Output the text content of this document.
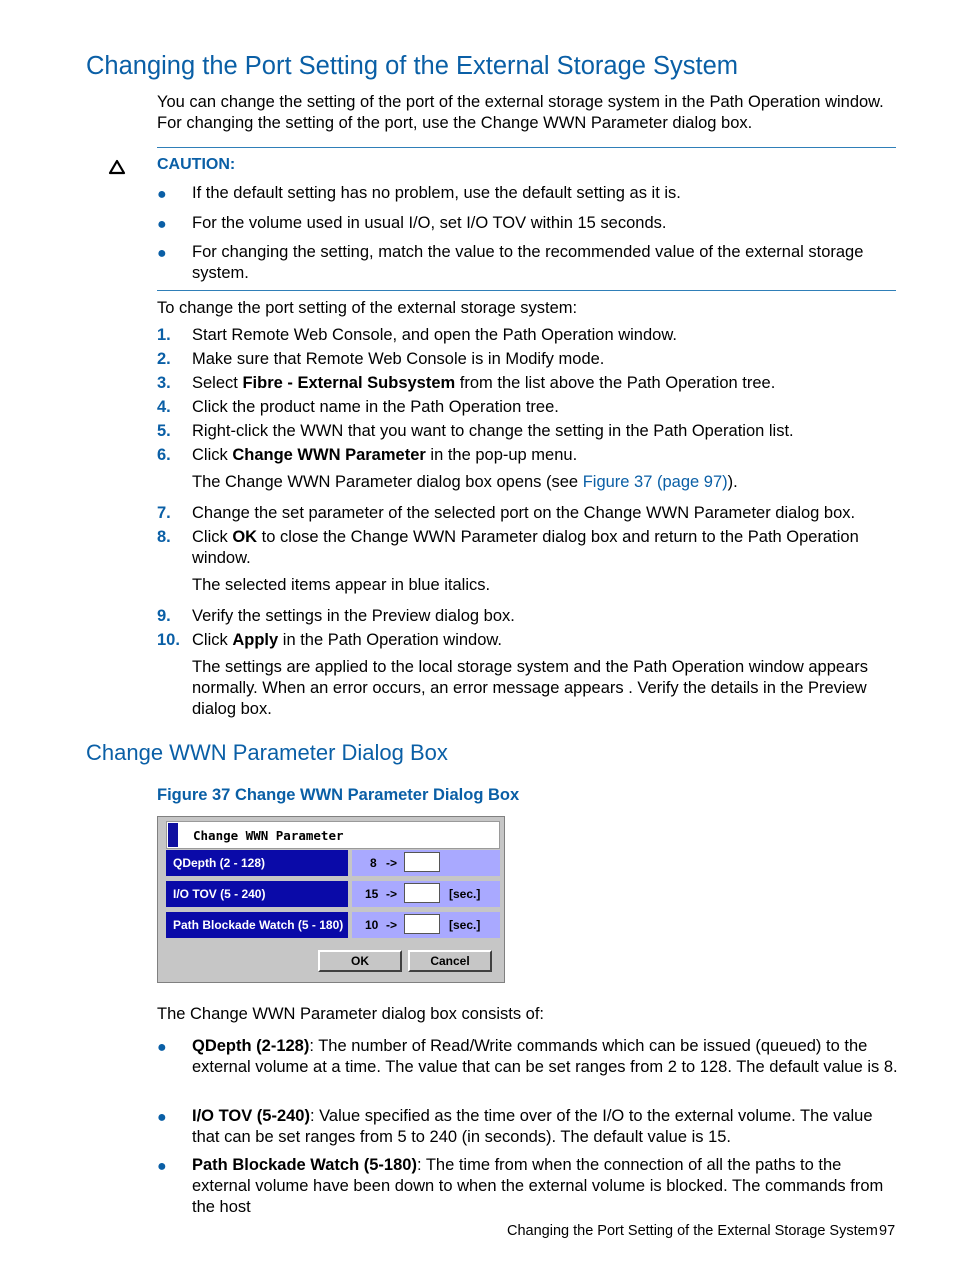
Changing the Port Setting of the External Storage System

You can change the setting of the port of the external storage system in the Path Operation window.
For changing the setting of the port, use the Change WWN Parameter dialog box.

CAUTION:

● If the default setting has no problem, use the default setting as it is.

● For the volume used in usual I/O, set I/O TOV within 15 seconds.

● For changing the setting, match the value to the recommended value of the external storage system.

To change the port setting of the external storage system:

1. Start Remote Web Console, and open the Path Operation window.

2. Make sure that Remote Web Console is in Modify mode.

3. Select Fibre - External Subsystem from the list above the Path Operation tree.

4. Click the product name in the Path Operation tree.

5. Right-click the WWN that you want to change the setting in the Path Operation list.

6. Click Change WWN Parameter in the pop-up menu.

The Change WWN Parameter dialog box opens (see Figure 37 (page 97)).

7. Change the set parameter of the selected port on the Change WWN Parameter dialog box.

8. Click OK to close the Change WWN Parameter dialog box and return to the Path Operation window.

The selected items appear in blue italics.

9. Verify the settings in the Preview dialog box.

10. Click Apply in the Path Operation window.

The settings are applied to the local storage system and the Path Operation window appears normally. When an error occurs, an error message appears . Verify the details in the Preview dialog box.

Change WWN Parameter Dialog Box

Figure 37 Change WWN Parameter Dialog Box

Change WWN Parameter
QDepth (2 - 128)	8 ->
I/O TOV (5 - 240)	15 ->	[sec.]
Path Blockade Watch (5 - 180)	10 ->	[sec.]
OK	Cancel

The Change WWN Parameter dialog box consists of:

● QDepth (2-128): The number of Read/Write commands which can be issued (queued) to the external volume at a time. The value that can be set ranges from 2 to 128. The default value is 8.

● I/O TOV (5-240): Value specified as the time over of the I/O to the external volume. The value that can be set ranges from 5 to 240 (in seconds). The default value is 15.

● Path Blockade Watch (5-180): The time from when the connection of all the paths to the external volume have been down to when the external volume is blocked. The commands from the host

Changing the Port Setting of the External Storage System 97
